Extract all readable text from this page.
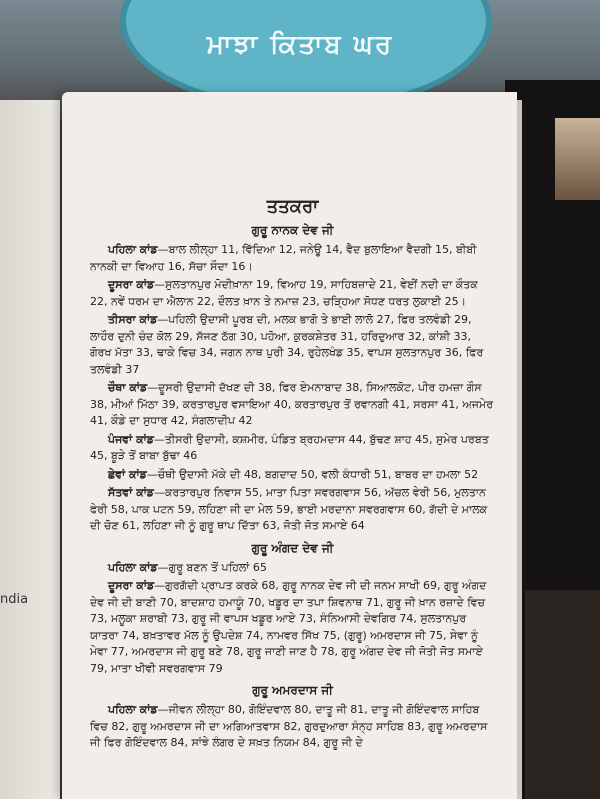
ਮਾਝਾ ਕਿਤਾਬ ਘਰ
ndia
ਤਤਕਰਾ
ਗੁਰੂ ਨਾਨਕ ਦੇਵ ਜੀ

ਪਹਿਲਾ ਕਾਂਡ—ਬਾਲ ਲੀਲ੍ਹਾ 11, ਵਿੱਦਿਆ 12, ਜਨੇਊ 14, ਵੈਦ ਬੁਲਾਇਆ ਵੈਦਗੀ 15, ਬੀਬੀ ਨਾਨਕੀ ਦਾ ਵਿਆਹ 16, ਸੱਚਾ ਸੌਦਾ 16।

ਦੂਸਰਾ ਕਾਂਡ—ਸੁਲਤਾਨਪੁਰ ਮੋਦੀਖ਼ਾਨਾ 19, ਵਿਆਹ 19, ਸਾਹਿਬਜ਼ਾਦੇ 21, ਵੇਈਂ ਨਦੀ ਦਾ ਕੌਤਕ 22, ਨਵੇਂ ਧਰਮ ਦਾ ਐਲਾਨ 22, ਦੌਲਤ ਖ਼ਾਨ ਤੇ ਨਮਾਜ਼ 23, ਚੜ੍ਹਿਆ ਸੋਧਣ ਧਰਤ ਲੁਕਾਈ 25।

ਤੀਸਰਾ ਕਾਂਡ—ਪਹਿਲੀ ਉਦਾਸੀ ਪੂਰਬ ਦੀ, ਮਲਕ ਭਾਗੋ ਤੇ ਭਾਈ ਲਾਲੋ 27, ਫਿਰ ਤਲਵੰਡੀ 29, ਲਾਹੌਰ ਦੁਨੀ ਚੰਦ ਕੋਲ 29, ਸੱਜਣ ਠੱਗ 30, ਪਹੋਆ, ਕੁਰਕਸ਼ੇਤਰ 31, ਹਰਿਦੁਆਰ 32, ਕਾਂਸ਼ੀ 33, ਗੋਰਖ ਮੱਤਾ 33, ਢਾਕੇ ਵਿਚ 34, ਜਗਨ ਨਾਥ ਪੁਰੀ 34, ਰੁਹੇਲਖੰਡ 35, ਵਾਪਸ ਸੁਲਤਾਨਪੁਰ 36, ਫਿਰ ਤਲਵੰਡੀ 37

ਚੌਥਾ ਕਾਂਡ—ਦੂਸਰੀ ਉਦਾਸੀ ਦੱਖਣ ਦੀ 38, ਫਿਰ ਏਮਨਾਬਾਦ 38, ਸਿਆਲਕੋਟ, ਪੀਰ ਹਮਜ਼ਾ ਗੌਸ 38, ਮੀਆਂ ਮਿੱਠਾ 39, ਕਰਤਾਰਪੁਰ ਵਸਾਇਆ 40, ਕਰਤਾਰਪੁਰ ਤੋਂ ਰਵਾਨਗੀ 41, ਸਰਸਾ 41, ਅਜਮੇਰ 41, ਕੌਡੇ ਦਾ ਸੁਧਾਰ 42, ਸੰਗਲਾਦੀਪ 42

ਪੰਜਵਾਂ ਕਾਂਡ—ਤੀਸਰੀ ਉਦਾਸੀ, ਕਸ਼ਮੀਰ, ਪੰਡਿਤ ਬ੍ਰਹਮਦਾਸ 44, ਬੁੱਢਣ ਸ਼ਾਹ 45, ਸੁਮੇਰ ਪਰਬਤ 45, ਬੂੜੇ ਤੋਂ ਬਾਬਾ ਬੁੱਢਾ 46

ਛੇਵਾਂ ਕਾਂਡ—ਚੌਥੀ ਉਦਾਸੀ ਮੱਕੇ ਦੀ 48, ਬਗਦਾਦ 50, ਵਲੀ ਕੰਧਾਰੀ 51, ਬਾਬਰ ਦਾ ਹਮਲਾ 52

ਸੱਤਵਾਂ ਕਾਂਡ—ਕਰਤਾਰਪੁਰ ਨਿਵਾਸ 55, ਮਾਤਾ ਪਿਤਾ ਸਵਰਗਵਾਸ 56, ਅੱਚਲ ਵੇਰੀ 56, ਮੁਲਤਾਨ ਫੇਰੀ 58, ਪਾਕ ਪਟਨ 59, ਲਹਿਣਾ ਜੀ ਦਾ ਮੇਲ 59, ਭਾਈ ਮਰਦਾਨਾ ਸਵਰਗਵਾਸ 60, ਗੱਦੀ ਦੇ ਮਾਲਕ ਦੀ ਚੋਣ 61, ਲਹਿਣਾ ਜੀ ਨੂੰ ਗੁਰੂ ਥਾਪ ਦਿੱਤਾ 63, ਜੋਤੀ ਜੋਤ ਸਮਾਏ 64

ਗੁਰੂ ਅੰਗਦ ਦੇਵ ਜੀ

ਪਹਿਲਾ ਕਾਂਡ—ਗੁਰੂ ਬਣਨ ਤੋਂ ਪਹਿਲਾਂ 65

ਦੂਸਰਾ ਕਾਂਡ—ਗੁਰਗੱਦੀ ਪ੍ਰਾਪਤ ਕਰਕੇ 68, ਗੁਰੂ ਨਾਨਕ ਦੇਵ ਜੀ ਦੀ ਜਨਮ ਸਾਖੀ 69, ਗੁਰੂ ਅੰਗਦ ਦੇਵ ਜੀ ਦੀ ਬਾਣੀ 70, ਬਾਦਸ਼ਾਹ ਹਮਾਯੂੰ 70, ਖਡੂਰ ਦਾ ਤਪਾ ਸ਼ਿਵਨਾਥ 71, ਗੁਰੂ ਜੀ ਖ਼ਾਨ ਰਜ਼ਾਦੇ ਵਿਚ 73, ਮਲੂਕਾ ਸ਼ਰਾਬੀ 73, ਗੁਰੂ ਜੀ ਵਾਪਸ ਖਡੂਰ ਆਏ 73, ਸੰਨਿਆਸੀ ਦੇਵਗਿਰ 74, ਸੁਲਤਾਨਪੁਰ ਯਾਤਰਾ 74, ਬਖ਼ਤਾਵਰ ਮੱਲ ਨੂੰ ਉਪਦੇਸ਼ 74, ਨਾਮਵਰ ਸਿੱਖ 75, (ਗੁਰੂ) ਅਮਰਦਾਸ ਜੀ 75, ਸੇਵਾ ਨੂੰ ਮੇਵਾ 77, ਅਮਰਦਾਸ ਜੀ ਗੁਰੂ ਬਣੇ 78, ਗੁਰੂ ਜਾਣੀ ਜਾਣ ਹੈ 78, ਗੁਰੂ ਅੰਗਦ ਦੇਵ ਜੀ ਜੋਤੀ ਜੋਤ ਸਮਾਏ 79, ਮਾਤਾ ਖੀਵੀ ਸਵਰਗਵਾਸ 79

ਗੁਰੂ ਅਮਰਦਾਸ ਜੀ

ਪਹਿਲਾ ਕਾਂਡ—ਜੀਵਨ ਲੀਲ੍ਹਾ 80, ਗੋਇੰਦਵਾਲ 80, ਦਾਤੂ ਜੀ 81, ਦਾਤੂ ਜੀ ਗੋਇੰਦਵਾਲ ਸਾਹਿਬ ਵਿਚ 82, ਗੁਰੂ ਅਮਰਦਾਸ ਜੀ ਦਾ ਅਗਿਆਤਵਾਸ 82, ਗੁਰਦੁਆਰਾ ਸੰਨ੍ਹ ਸਾਹਿਬ 83, ਗੁਰੂ ਅਮਰਦਾਸ ਜੀ ਫਿਰ ਗੋਇੰਦਵਾਲ 84, ਸਾਂਝੇ ਲੰਗਰ ਦੇ ਸਖ਼ਤ ਨਿਯਮ 84, ਗੁਰੂ ਜੀ ਦੇ
